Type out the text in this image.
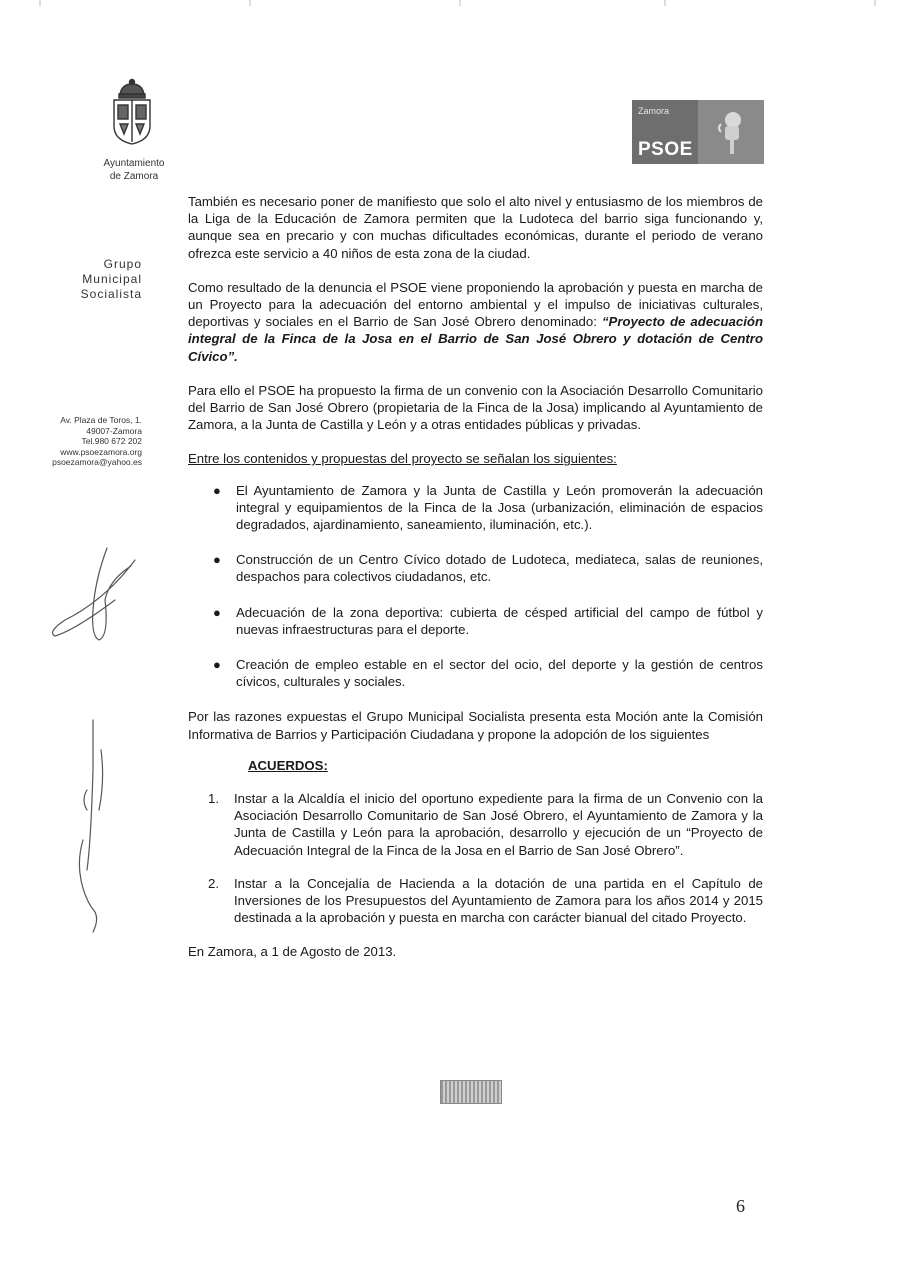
Ayuntamiento
de Zamora
Grupo
Municipal
Socialista
Av. Plaza de Toros, 1.
49007-Zamora
Tel.980 672 202
www.psoezamora.org
psoezamora@yahoo.es
Zamora
PSOE

También es necesario poner de manifiesto que solo el alto nivel y entusiasmo de los miembros de la Liga de la Educación de Zamora permiten que la Ludoteca del barrio siga funcionando y, aunque sea en precario y con muchas dificultades económicas, durante el periodo de verano ofrezca este servicio a 40 niños de esta zona de la ciudad.

Como resultado de la denuncia el PSOE viene proponiendo la aprobación y puesta en marcha de un Proyecto para la adecuación del entorno ambiental y el impulso de iniciativas culturales, deportivas y sociales en el Barrio de San José Obrero denominado: “Proyecto de adecuación integral de la Finca de la Josa en el Barrio de San José Obrero y dotación de Centro Cívico”.

Para ello el PSOE ha propuesto la firma de un convenio con la Asociación Desarrollo Comunitario del Barrio de San José Obrero (propietaria de la Finca de la Josa) implicando al Ayuntamiento de Zamora, a la Junta de Castilla y León y a otras entidades públicas y privadas.

Entre los contenidos y propuestas del proyecto se señalan los siguientes:

● El Ayuntamiento de Zamora y la Junta de Castilla y León promoverán la adecuación integral y equipamientos de la Finca de la Josa (urbanización, eliminación de espacios degradados, ajardinamiento, saneamiento, iluminación, etc.).
● Construcción de un Centro Cívico dotado de Ludoteca, mediateca, salas de reuniones, despachos para colectivos ciudadanos, etc.
● Adecuación de la zona deportiva: cubierta de césped artificial del campo de fútbol y nuevas infraestructuras para el deporte.
● Creación de empleo estable en el sector del ocio, del deporte y la gestión de centros cívicos, culturales y sociales.

Por las razones expuestas el Grupo Municipal Socialista presenta esta Moción ante la Comisión Informativa de Barrios y Participación Ciudadana y propone la adopción de los siguientes

ACUERDOS:

1. Instar a la Alcaldía el inicio del oportuno expediente para la firma de un Convenio con la Asociación Desarrollo Comunitario de San José Obrero, el Ayuntamiento de Zamora y la Junta de Castilla y León para la aprobación, desarrollo y ejecución de un “Proyecto de Adecuación Integral de la Finca de la Josa en el Barrio de San José Obrero”.
2. Instar a la Concejalía de Hacienda a la dotación de una partida en el Capítulo de Inversiones de los Presupuestos del Ayuntamiento de Zamora para los años 2014 y 2015 destinada a la aprobación y puesta en marcha con carácter bianual del citado Proyecto.

En Zamora, a 1 de Agosto de 2013.

6
